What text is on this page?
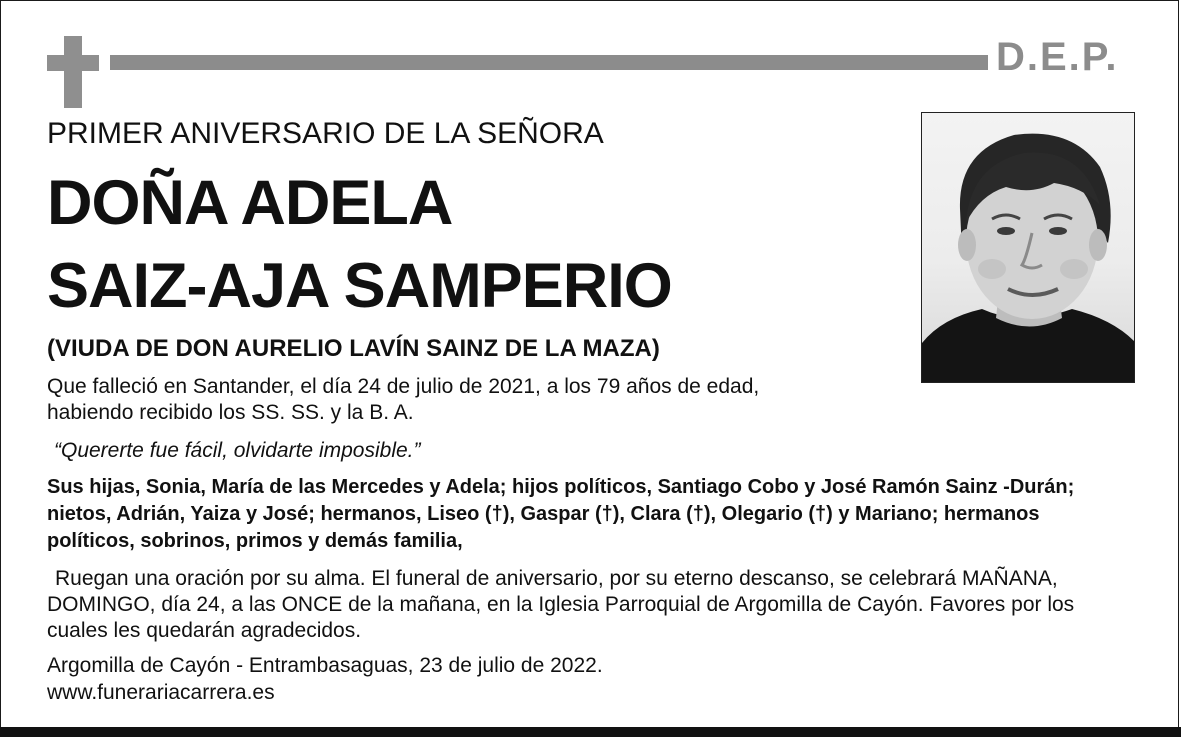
D.E.P.
PRIMER ANIVERSARIO DE LA SEÑORA
DOÑA ADELA
SAIZ-AJA SAMPERIO
(VIUDA DE DON AURELIO LAVÍN SAINZ DE LA MAZA)
Que falleció en Santander, el día 24 de julio de 2021, a los 79 años de edad,
habiendo recibido los SS. SS. y la B. A.
“Quererte fue fácil, olvidarte imposible.”
Sus hijas, Sonia, María de las Mercedes y Adela; hijos políticos, Santiago Cobo y José Ramón Sainz -Durán;
nietos, Adrián, Yaiza y José; hermanos, Liseo (†), Gaspar (†), Clara (†), Olegario (†) y Mariano; hermanos
políticos, sobrinos, primos y demás familia,
Ruegan una oración por su alma. El funeral de aniversario, por su eterno descanso, se celebrará MAÑANA,
DOMINGO, día 24, a las ONCE de la mañana, en la Iglesia Parroquial de Argomilla de Cayón. Favores por los
cuales les quedarán agradecidos.
Argomilla de Cayón - Entrambasaguas, 23 de julio de 2022.
www.funerariacarrera.es
